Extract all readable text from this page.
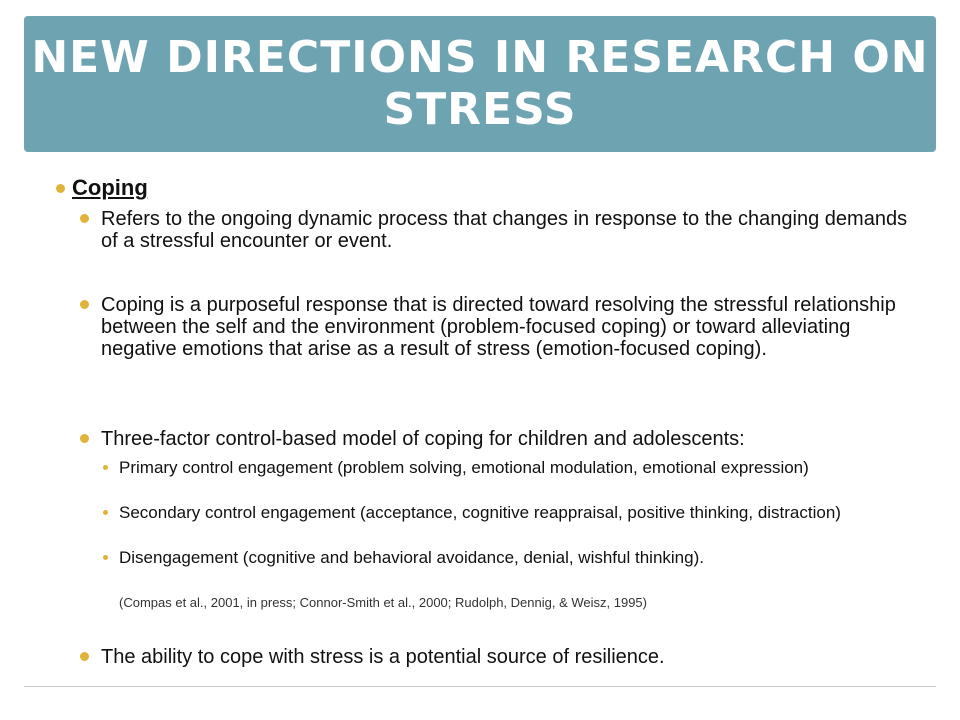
NEW DIRECTIONS IN RESEARCH ON STRESS
Coping
Refers to the ongoing dynamic process that changes in response to the changing demands of a stressful encounter or event.
Coping is a purposeful response that is directed toward resolving the stressful relationship between the self and the environment (problem-focused coping) or toward alleviating negative emotions that arise as a result of stress (emotion-focused coping).
Three-factor control-based model of coping for children and adolescents:
Primary control engagement (problem solving, emotional modulation, emotional expression)
Secondary control engagement (acceptance, cognitive reappraisal, positive thinking, distraction)
Disengagement (cognitive and behavioral avoidance, denial, wishful thinking).
(Compas et al., 2001, in press; Connor-Smith et al., 2000; Rudolph, Dennig, & Weisz, 1995)
The ability to cope with stress is a potential source of resilience.
